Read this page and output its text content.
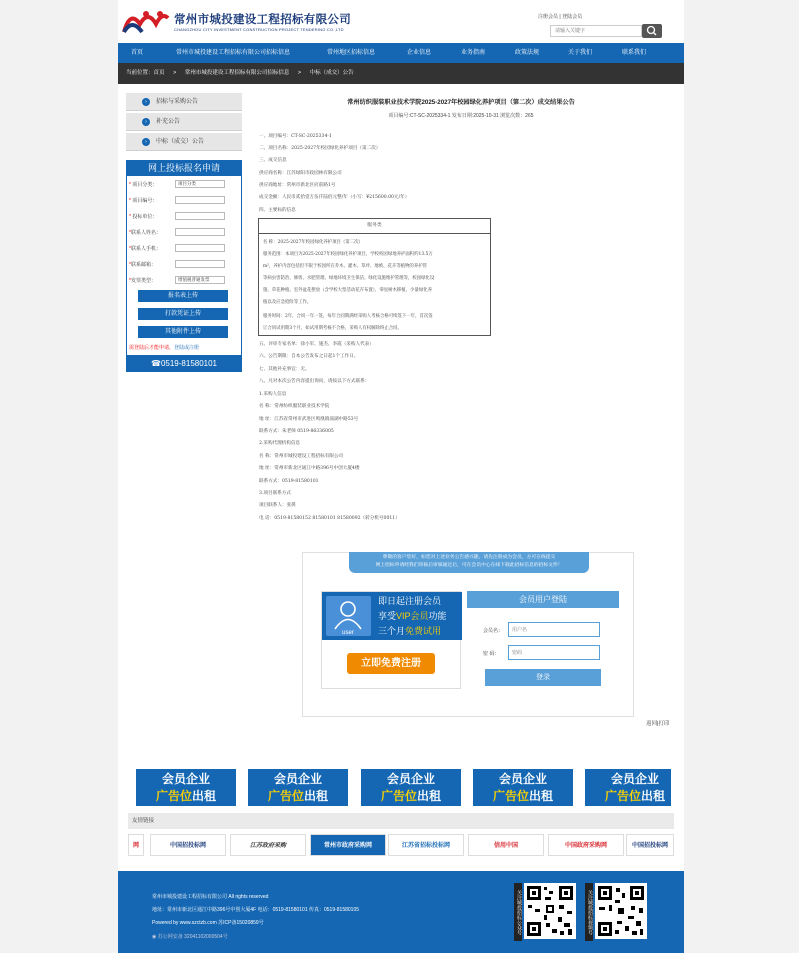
常州市城投建设工程招标有限公司
CHANGZHOU CITY INVESTMENT CONSTRUCTION PROJECT TENDERING CO.,LTD
注册会员 | 登陆会员
请输入关键字
首页	常州市城投建设工程招标有限公司招标信息	常州地区招标信息	企业信息	业务指南	政策法规	关于我们	联系我们
当前位置：首页 > 常州市城投建设工程招标有限公司招标信息 > 中标（成交）公告
›	招标与采购公告
›	补充公告
›	中标（成交）公告
网上投标报名申请
* 项目分类：	项目分类
* 项目编号：
* 投标单位：
*联系人姓名：
*联系人手机：
*联系邮箱：
*发票类型：	增值税普通发票
报名表上传
打款凭证上传
其他附件上传
需登陆后才能申请，登陆或注册
☎0519-81580101
常州纺织服装职业技术学院2025-2027年校园绿化养护项目（第二次）成交结果公告
项目编号:CT-SC-2025334-1 发布日期:2025-10-31 浏览次数：265
一、项目编号：CT-SC-2025334-1
二、项目名称：2025-2027年校园绿化养护项目（第二次）
三、成交信息
供应商名称：江苏绿阳市政园林有限公司
供应商地址：常州市新北区府前路1号
成交金额：人民币贰拾壹万伍仟陆佰元整/年（小写：¥215600.00元/年）
四、主要标的信息
服务类
名 称：2025-2027年校园绿化养护项目（第二次）
服务范围：本项目为2025-2027年校园绿化养护项目，学校校园绿地养护面积约13.5万
m²，养护内容包括但不限于校园所在乔木、灌木、草坪、地被、花卉等植物的养护管
等病虫害防治、修剪、水肥管理、绿地环境卫生保洁、绿化设施维护管理等，校园绿化设
施、草花种植、室外盆花摆放（含学校大型活动花卉布置），零星树木移植、少量绿化养
植以及应急抢险等工作。
服务时间：2年，合同一年一签，每年合同期满经采购人考核合格可续签下一年，首次签
订合同试用期3个月，如试用期考核不合格，采购人有权解除终止合同。
五、评审专家名单：徐小军、施杰、李霞（采购人代表）
六、公告期限：自本公告发布之日起1个工作日。
七、其他补充事宜：无。
八、凡对本次公告内容提出询问，请按以下方式联系：
1.采购人信息
名 称：常州纺织服装职业技术学院
地 址：江苏省常州市武进区鸣凰镇滆湖中路53号
联系方式：朱老师 0519-86336005
2.采购代理机构信息
名 称：常州市城投建设工程招标有限公司
地 址：常州市新北区通江中路396号中创大厦4楼
联系方式：0519-81580101
3.项目联系方式
项目联系人：张援
电 话：0519-81580152 81580101 81580092（转分机号0011）
尊敬的客户您好，如您对上述业务公告感兴趣，请先注册成为会员，方可在线提交
网上招标申请经我们审核后审核通过后，可在会员中心在线下载此招标信息的招标文件！
user
即日起注册会员
享受VIP会员功能
三个月免费试用
立即免费注册
会员用户登陆
会员名：
用户名
密 码：
登录
返回|打印
会员企业
广告位出租
会员企业
广告位出租
会员企业
广告位出租
会员企业
广告位出租
会员企业
广告位出租
友情链接
网	中国招投标网	江苏政府采购	常州市政府采购网	江苏省招标投标网	信用中国	中国政府采购网	中国招投标网
常州市城投建设工程招标有限公司 All rights reserved
地址：常州市新北区通江中路396号中创大厦4F 电话：0519-81580101 传真：0519-81580105
Powered by www.szctzb.com 苏ICP备15020859号
◉ 苏公网安备 32041102000504号
关注城投招标公众号	关注城投招标视频号
